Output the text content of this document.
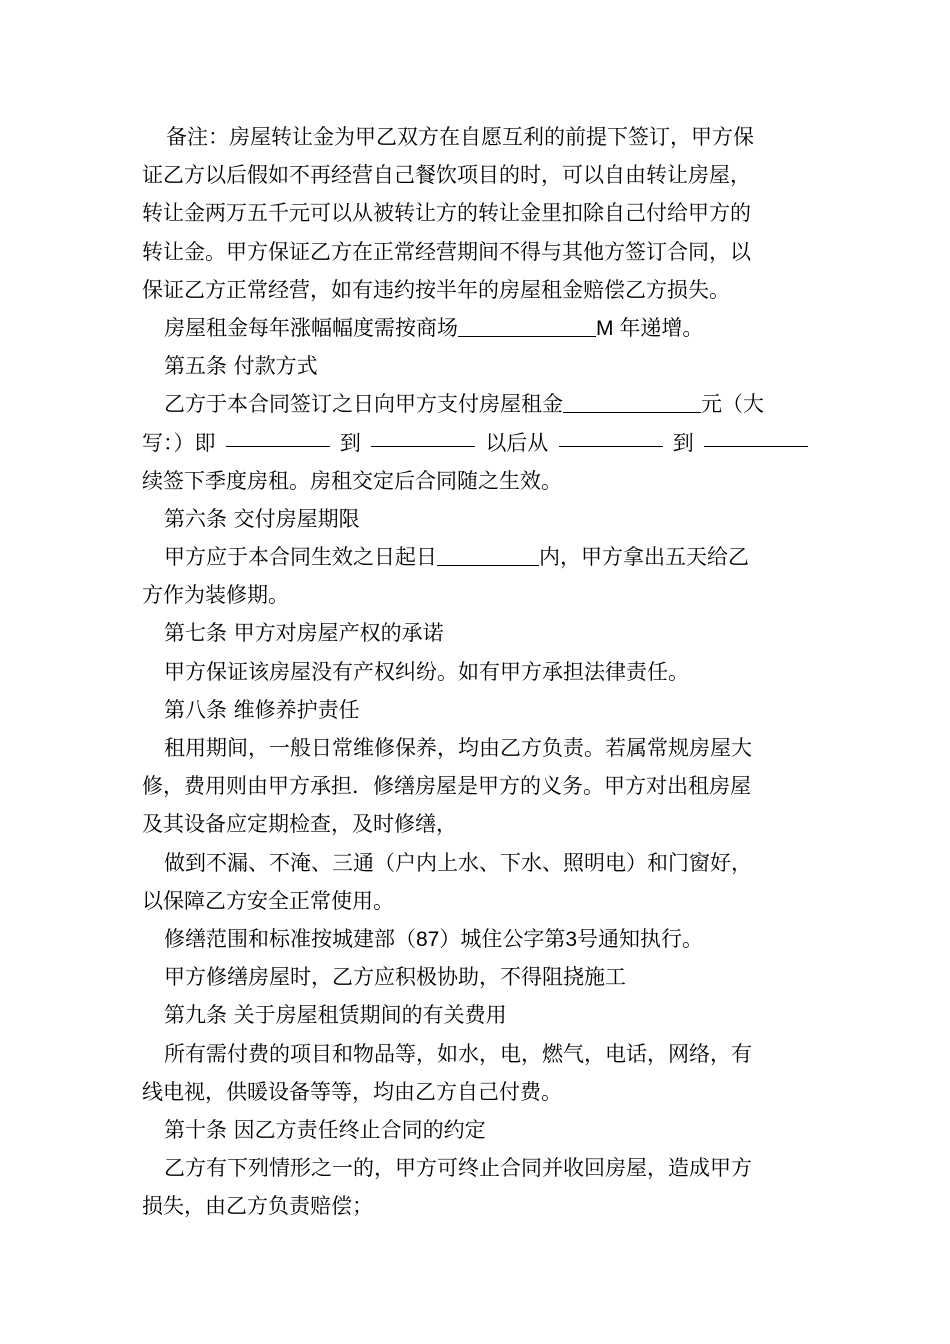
备注：房屋转让金为甲乙双方在自愿互利的前提下签订，甲方保
证乙方以后假如不再经营自己餐饮项目的时，可以自由转让房屋，
转让金两万五千元可以从被转让方的转让金里扣除自己付给甲方的
转让金。甲方保证乙方在正常经营期间不得与其他方签订合同，以
保证乙方正常经营，如有违约按半年的房屋租金赔偿乙方损失。
房屋租金每年涨幅幅度需按商场	M 年递增。
第五条 付款方式
乙方于本合同签订之日向甲方支付房屋租金	元（大
写：）即	到	以后从	到
续签下季度房租。房租交定后合同随之生效。
第六条 交付房屋期限
甲方应于本合同生效之日起日	内，甲方拿出五天给乙
方作为装修期。
第七条 甲方对房屋产权的承诺
甲方保证该房屋没有产权纠纷。如有甲方承担法律责任。
第八条 维修养护责任
租用期间，一般日常维修保养，均由乙方负责。若属常规房屋大
修，费用则由甲方承担．修缮房屋是甲方的义务。甲方对出租房屋
及其设备应定期检查，及时修缮，
做到不漏、不淹、三通（户内上水、下水、照明电）和门窗好，
以保障乙方安全正常使用。
修缮范围和标准按城建部（87）城住公字第3号通知执行。
甲方修缮房屋时，乙方应积极协助，不得阻挠施工
第九条 关于房屋租赁期间的有关费用
所有需付费的项目和物品等，如水，电，燃气，电话，网络，有
线电视，供暖设备等等，均由乙方自己付费。
第十条 因乙方责任终止合同的约定
乙方有下列情形之一的，甲方可终止合同并收回房屋，造成甲方
损失，由乙方负责赔偿；
